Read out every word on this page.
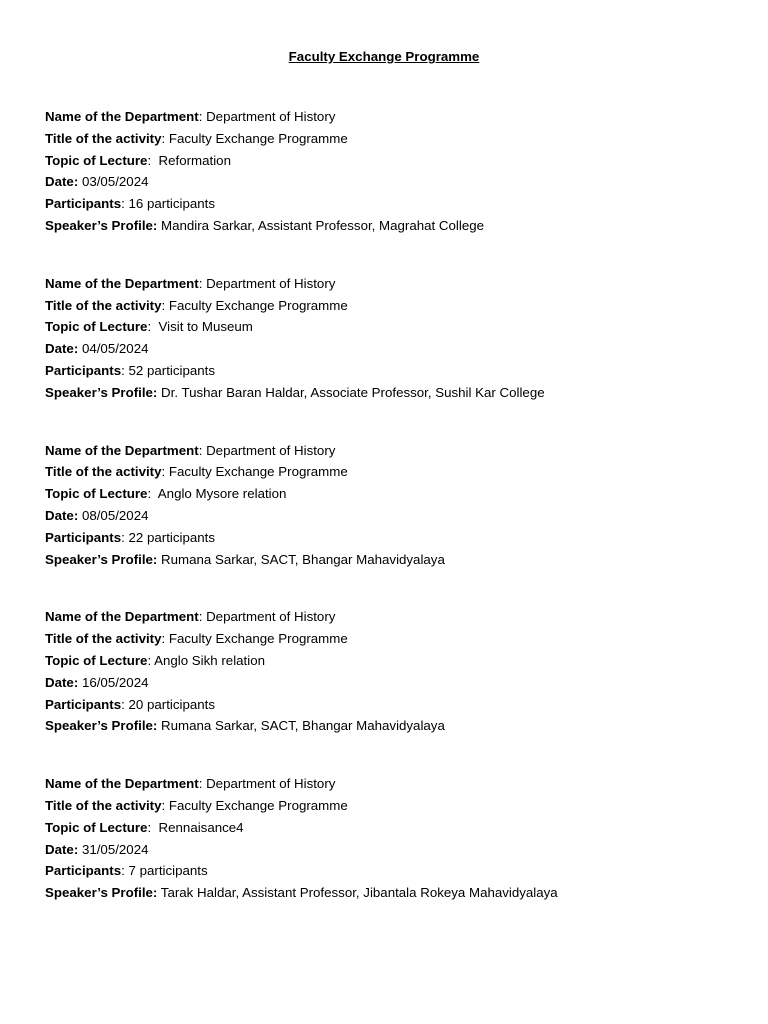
Faculty Exchange Programme
Name of the Department: Department of History
Title of the activity: Faculty Exchange Programme
Topic of Lecture:  Reformation
Date: 03/05/2024
Participants: 16 participants
Speaker’s Profile: Mandira Sarkar, Assistant Professor, Magrahat College
Name of the Department: Department of History
Title of the activity: Faculty Exchange Programme
Topic of Lecture:  Visit to Museum
Date: 04/05/2024
Participants: 52 participants
Speaker’s Profile: Dr. Tushar Baran Haldar, Associate Professor, Sushil Kar College
Name of the Department: Department of History
Title of the activity: Faculty Exchange Programme
Topic of Lecture:  Anglo Mysore relation
Date: 08/05/2024
Participants: 22 participants
Speaker’s Profile: Rumana Sarkar, SACT, Bhangar Mahavidyalaya
Name of the Department: Department of History
Title of the activity: Faculty Exchange Programme
Topic of Lecture: Anglo Sikh relation
Date: 16/05/2024
Participants: 20 participants
Speaker’s Profile: Rumana Sarkar, SACT, Bhangar Mahavidyalaya
Name of the Department: Department of History
Title of the activity: Faculty Exchange Programme
Topic of Lecture:  Rennaisance4
Date: 31/05/2024
Participants: 7 participants
Speaker’s Profile: Tarak Haldar, Assistant Professor, Jibantala Rokeya Mahavidyalaya
